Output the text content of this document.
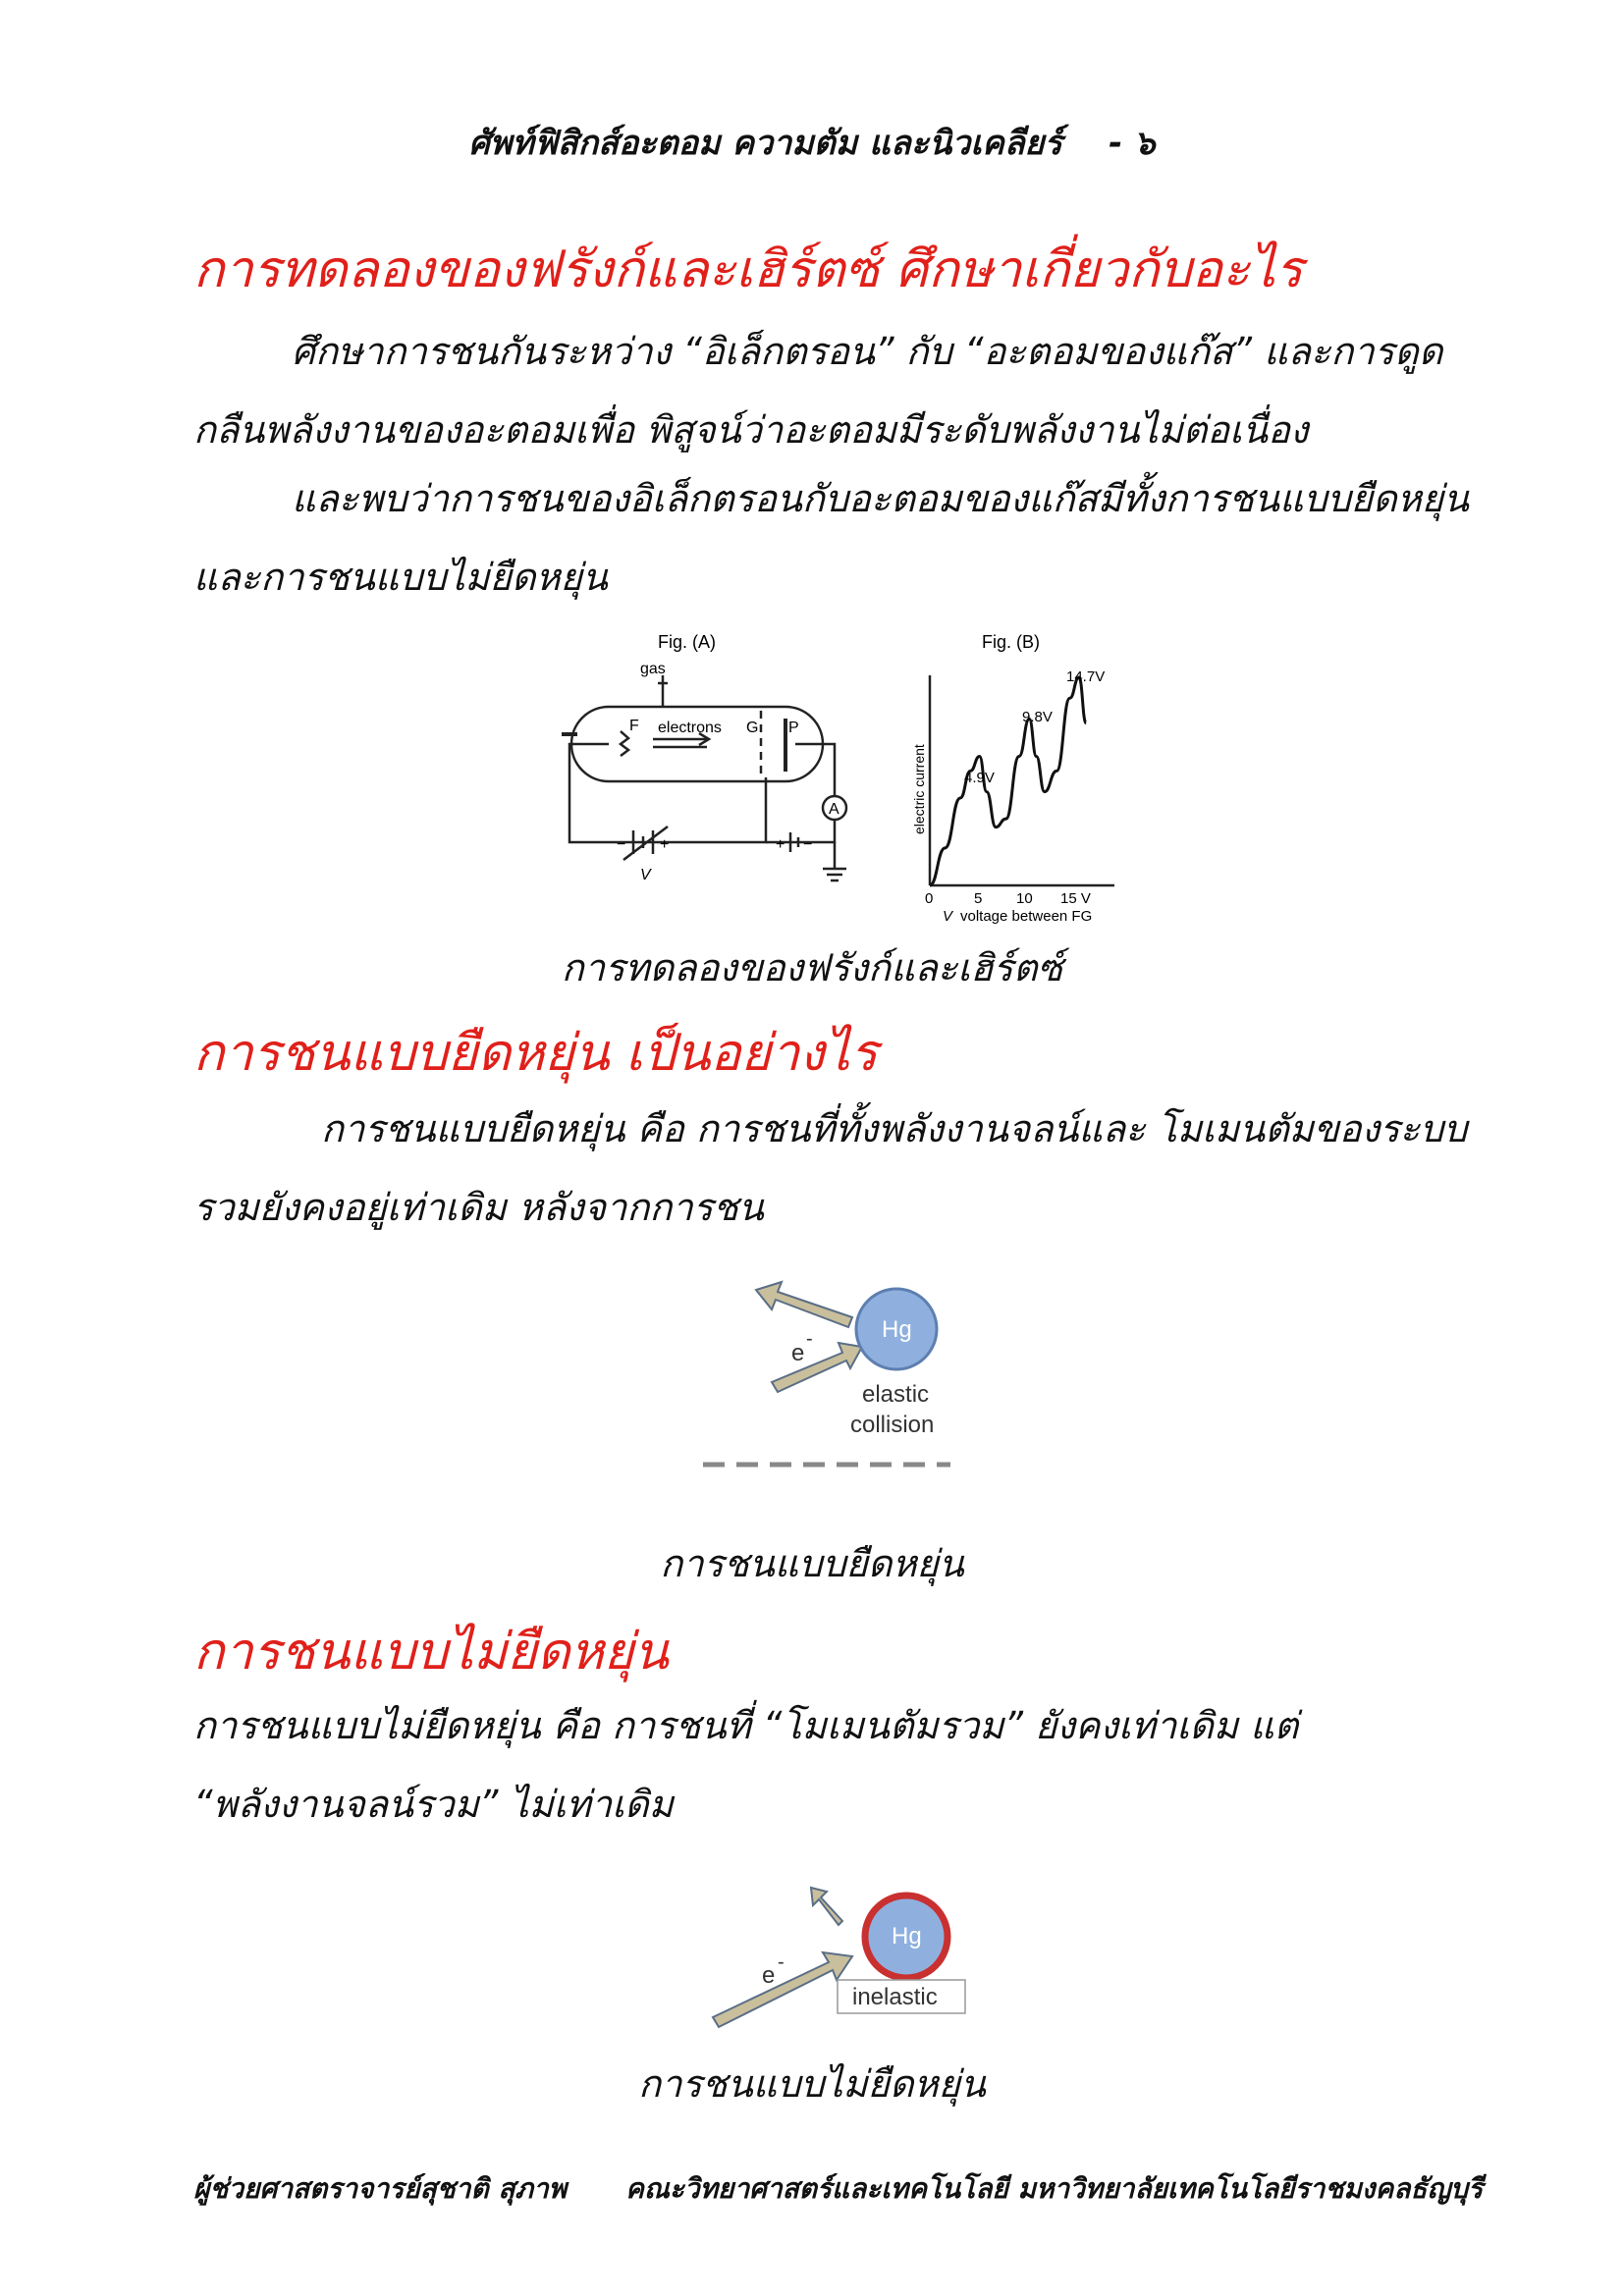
ศัพท์ฟิสิกส์อะตอม ความตัม และนิวเคลียร์ - ๖
การทดลองของฟรังก์และเฮิร์ตซ์ ศึกษาเกี่ยวกับอะไร

ศึกษาการชนกันระหว่าง “อิเล็กตรอน” กับ “อะตอมของแก๊ส” และการดูดกลืนพลังงานของอะตอมเพื่อ พิสูจน์ว่าอะตอมมีระดับพลังงานไม่ต่อเนื่อง

และพบว่าการชนของอิเล็กตรอนกับอะตอมของแก๊สมีทั้งการชนแบบยืดหยุ่นและการชนแบบไม่ยืดหยุ่น

Fig. (A)
gas
F electrons G P
A
V
− +	+ −
Fig. (B)
electric current	4.9V
9.8V
14.7V
0	5 10 15 V
V voltage between FG
การทดลองของฟรังก์และเฮิร์ตซ์
การชนแบบยืดหยุ่น เป็นอย่างไร

การชนแบบยืดหยุ่น คือ การชนที่ทั้งพลังงานจลน์และ โมเมนตัมของระบบรวมยังคงอยู่เท่าเดิม หลังจากการชน

Hg
e
-
elastic
collision
การชนแบบยืดหยุ่น
การชนแบบไม่ยืดหยุ่น

การชนแบบไม่ยืดหยุ่น คือ การชนที่ “โมเมนตัมรวม” ยังคงเท่าเดิม แต่ “พลังงานจลน์รวม” ไม่เท่าเดิม

Hg
e -
inelastic
การชนแบบไม่ยืดหยุ่น
ผู้ช่วยศาสตราจารย์สุชาติ สุภาพ คณะวิทยาศาสตร์และเทคโนโลยี มหาวิทยาลัยเทคโนโลยีราชมงคลธัญบุรี
